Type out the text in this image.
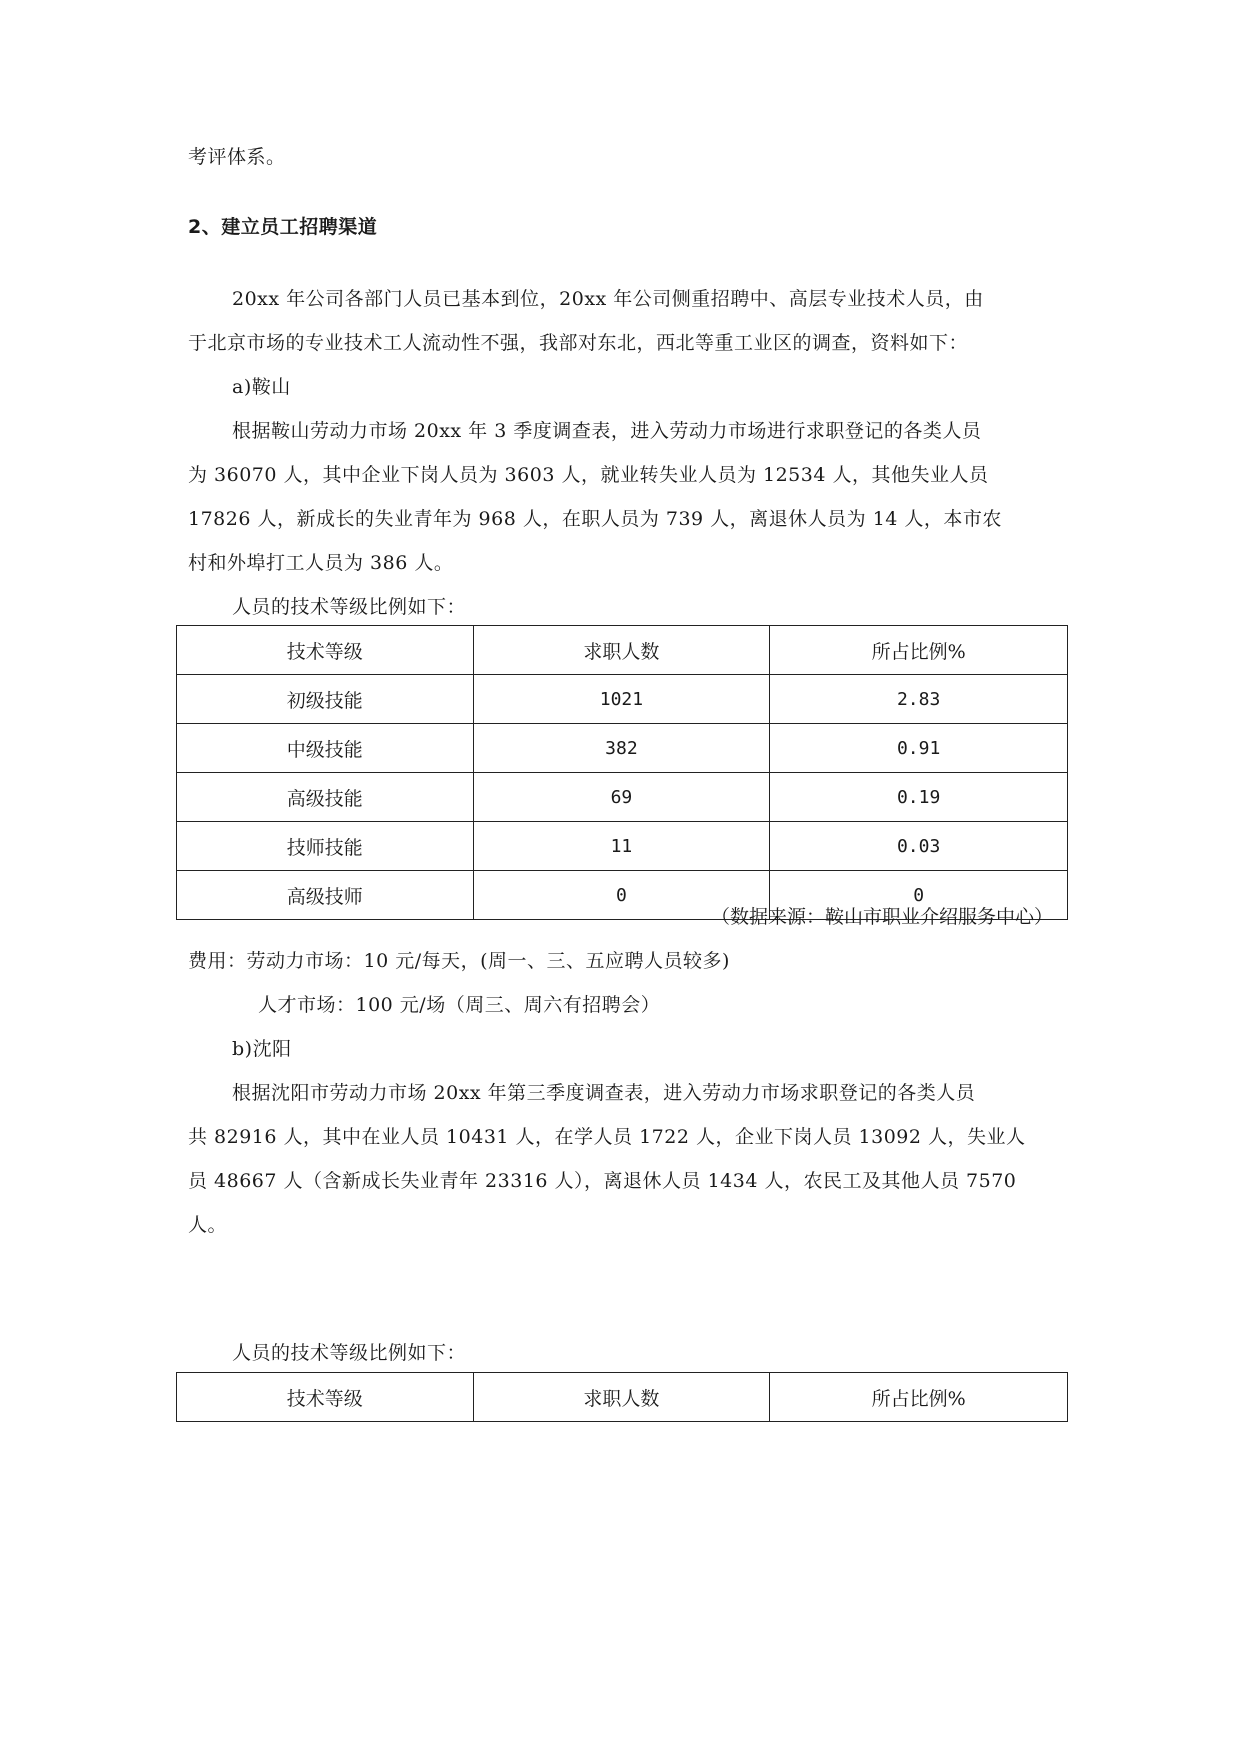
考评体系。
2、建立员工招聘渠道
20xx 年公司各部门人员已基本到位，20xx 年公司侧重招聘中、高层专业技术人员，由
于北京市场的专业技术工人流动性不强，我部对东北，西北等重工业区的调查，资料如下：
a)鞍山
根据鞍山劳动力市场 20xx 年 3 季度调查表，进入劳动力市场进行求职登记的各类人员
为 36070 人，其中企业下岗人员为 3603 人，就业转失业人员为 12534 人，其他失业人员
17826 人，新成长的失业青年为 968 人，在职人员为 739 人，离退休人员为 14 人，本市农
村和外埠打工人员为 386 人。
人员的技术等级比例如下：
技术等级	求职人数	所占比例%
初级技能	1021	2.83
中级技能	382	0.91
高级技能	69	0.19
技师技能	11	0.03
高级技师	0	0
（数据来源：鞍山市职业介绍服务中心）
费用：劳动力市场：10 元/每天，(周一、三、五应聘人员较多)
人才市场：100 元/场（周三、周六有招聘会）
b)沈阳
根据沈阳市劳动力市场 20xx 年第三季度调查表，进入劳动力市场求职登记的各类人员
共 82916 人，其中在业人员 10431 人，在学人员 1722 人，企业下岗人员 13092 人，失业人
员 48667 人（含新成长失业青年 23316 人），离退休人员 1434 人，农民工及其他人员 7570
人。
人员的技术等级比例如下：
技术等级	求职人数	所占比例%
